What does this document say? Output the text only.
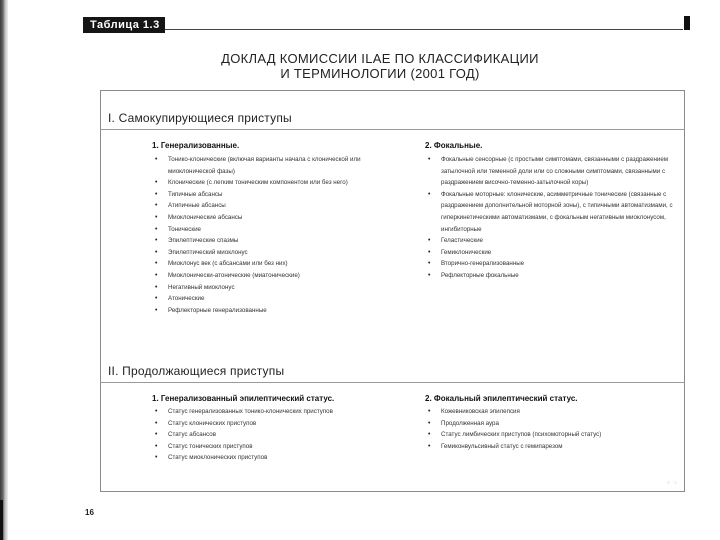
Таблица 1.3
ДОКЛАД КОМИССИИ ILAE ПО КЛАССИФИКАЦИИ
И ТЕРМИНОЛОГИИ (2001 ГОД)
I. Самокупирующиеся приступы
1. Генерализованные.
• Тонико-клонические (включая варианты начала с клонической или миоклонической фазы)
• Клонические (с легким тоническим компонентом или без него)
• Типичные абсансы
• Атипичные абсансы
• Миоклонические абсансы
• Тонические
• Эпилептические спазмы
• Эпилептический миоклонус
• Миоклонус век (с абсансами или без них)
• Миоклонически-атонические (миатонические)
• Негативный миоклонус
• Атонические
• Рефлекторные генерализованные
2. Фокальные.
• Фокальные сенсорные (с простыми симптомами, связанными с раздражением затылочной или теменной доли или со сложными симптомами, связанными с раздражением височно-теменно-затылочной коры)
• Фокальные моторные: клонические, асимметричные тонические (связанные с раздражением дополнительной моторной зоны), с типичными автоматизмами, с гиперкинетическими автоматизмами, с фокальным негативным миоклонусом, ингибиторные
• Геластические
• Гемиклонические
• Вторично-генерализованные
• Рефлекторные фокальные
II. Продолжающиеся приступы
1. Генерализованный эпилептический статус.
• Статус генерализованных тонико-клонических приступов
• Статус клонических приступов
• Статус абсансов
• Статус тонических приступов
• Статус миоклонических приступов
2. Фокальный эпилептический статус.
• Кожевниковская эпилепсия
• Продолженная аура
• Статус лимбических приступов (психомоторный статус)
• Гемиконвульсивный статус с гемипарезом
⁘ ⁘
16
